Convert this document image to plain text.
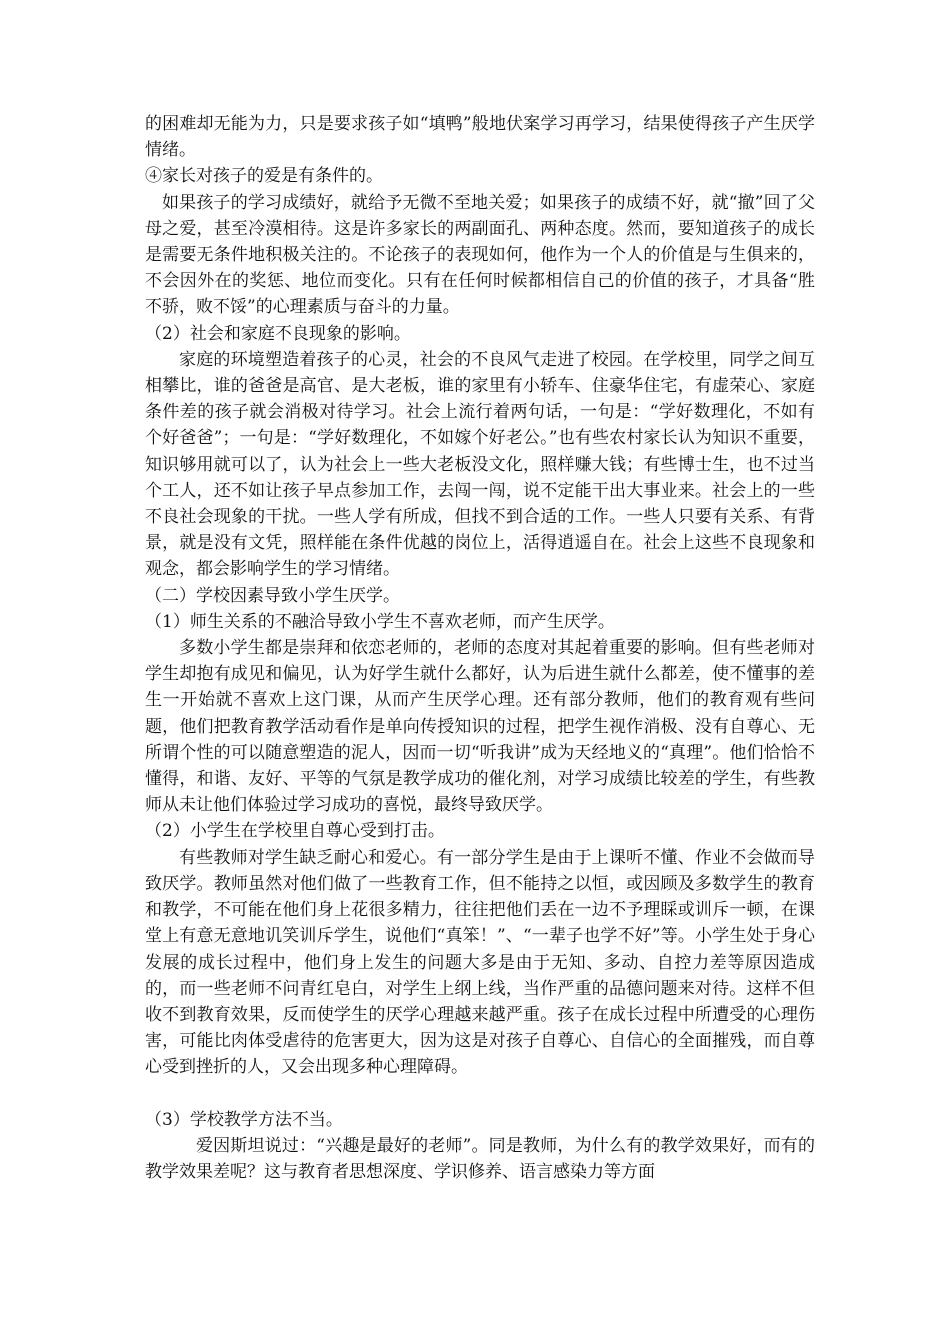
的困难却无能为力，只是要求孩子如“填鸭”般地伏案学习再学习，结果使得孩子产生厌学情绪。

④家长对孩子的爱是有条件的。

如果孩子的学习成绩好，就给予无微不至地关爱；如果孩子的成绩不好，就“撤”回了父母之爱，甚至冷漠相待。这是许多家长的两副面孔、两种态度。然而，要知道孩子的成长是需要无条件地积极关注的。不论孩子的表现如何，他作为一个人的价值是与生俱来的，不会因外在的奖惩、地位而变化。只有在任何时候都相信自己的价值的孩子，才具备“胜不骄，败不馁”的心理素质与奋斗的力量。

（2）社会和家庭不良现象的影响。

家庭的环境塑造着孩子的心灵，社会的不良风气走进了校园。在学校里，同学之间互相攀比，谁的爸爸是高官、是大老板，谁的家里有小轿车、住豪华住宅，有虚荣心、家庭条件差的孩子就会消极对待学习。社会上流行着两句话，一句是：“学好数理化，不如有个好爸爸”；一句是：“学好数理化，不如嫁个好老公。”也有些农村家长认为知识不重要，知识够用就可以了，认为社会上一些大老板没文化，照样赚大钱；有些博士生，也不过当个工人，还不如让孩子早点参加工作，去闯一闯，说不定能干出大事业来。社会上的一些不良社会现象的干扰。一些人学有所成，但找不到合适的工作。一些人只要有关系、有背景，就是没有文凭，照样能在条件优越的岗位上，活得逍遥自在。社会上这些不良现象和观念，都会影响学生的学习情绪。

（二）学校因素导致小学生厌学。

（1）师生关系的不融洽导致小学生不喜欢老师，而产生厌学。

多数小学生都是崇拜和依恋老师的，老师的态度对其起着重要的影响。但有些老师对学生却抱有成见和偏见，认为好学生就什么都好，认为后进生就什么都差，使不懂事的差生一开始就不喜欢上这门课，从而产生厌学心理。还有部分教师，他们的教育观有些问题，他们把教育教学活动看作是单向传授知识的过程，把学生视作消极、没有自尊心、无所谓个性的可以随意塑造的泥人，因而一切“听我讲”成为天经地义的“真理”。他们恰恰不懂得，和谐、友好、平等的气氛是教学成功的催化剂，对学习成绩比较差的学生，有些教师从未让他们体验过学习成功的喜悦，最终导致厌学。

（2）小学生在学校里自尊心受到打击。

有些教师对学生缺乏耐心和爱心。有一部分学生是由于上课听不懂、作业不会做而导致厌学。教师虽然对他们做了一些教育工作，但不能持之以恒，或因顾及多数学生的教育和教学，不可能在他们身上花很多精力，往往把他们丢在一边不予理睬或训斥一顿，在课堂上有意无意地讥笑训斥学生，说他们“真笨！”、“一辈子也学不好”等。小学生处于身心发展的成长过程中，他们身上发生的问题大多是由于无知、多动、自控力差等原因造成的，而一些老师不问青红皂白，对学生上纲上线，当作严重的品德问题来对待。这样不但收不到教育效果，反而使学生的厌学心理越来越严重。孩子在成长过程中所遭受的心理伤害，可能比肉体受虐待的危害更大，因为这是对孩子自尊心、自信心的全面摧残，而自尊心受到挫折的人，又会出现多种心理障碍。

（3）学校教学方法不当。

爱因斯坦说过：“兴趣是最好的老师”。同是教师，为什么有的教学效果好，而有的教学效果差呢？这与教育者思想深度、学识修养、语言感染力等方面
